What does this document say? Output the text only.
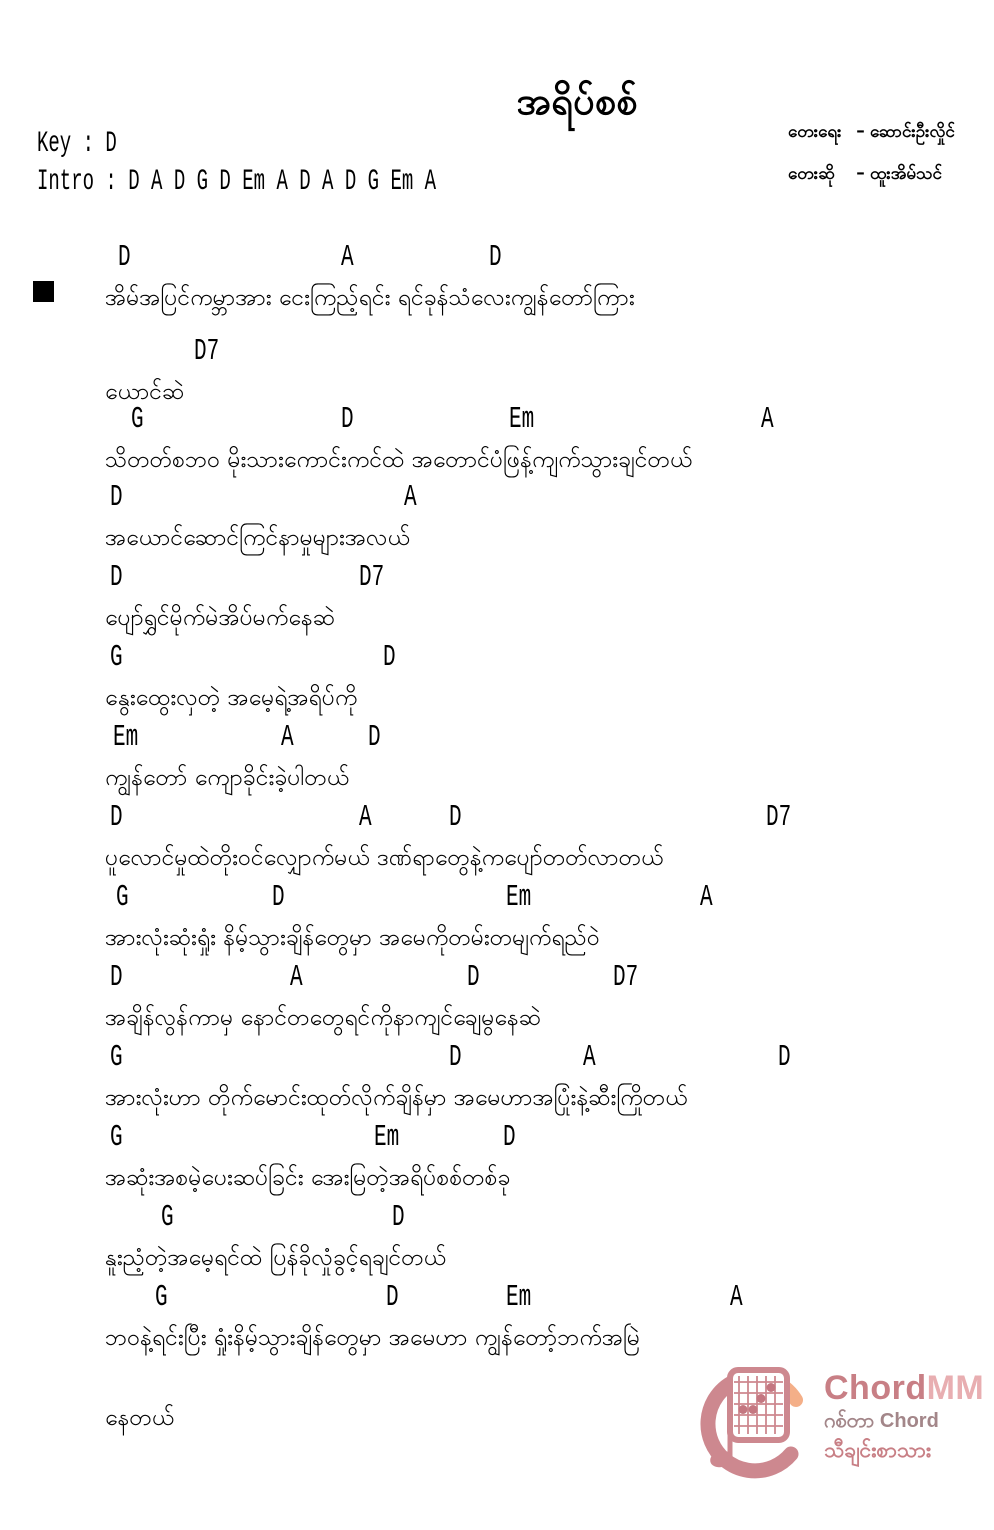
အရိပ်စစ်
Key : D
Intro : D A D G D Em A D A D G Em A
တေးရေး – ဆောင်းဦးလှိုင်
တေးဆို	– ထူးအိမ်သင်
D	A	D
အိမ်အပြင်ကမ္ဘာအား ငေးကြည့်ရင်း ရင်ခုန်သံလေးကျွန်တော်ကြား
D7
ယောင်ဆဲ
G	D	Em	A
သိတတ်စဘဝ မိုးသားကောင်းကင်ထဲ အတောင်ပံဖြန့်ကျက်သွားချင်တယ်
D	A
အယောင်ဆောင်ကြင်နာမှုများအလယ်
D	D7
ပျော်ရွှင်မိုက်မဲအိပ်မက်နေဆဲ
G	D
နွေးထွေးလှတဲ့ အမေ့ရဲ့အရိပ်ကို
Em	A	D
ကျွန်တော် ကျောခိုင်းခဲ့ပါတယ်
D	A	D	D7
ပူလောင်မှုထဲတိုးဝင်လျှောက်မယ် ဒဏ်ရာတွေနဲ့ကပျော်တတ်လာတယ်
G	D	Em	A
အားလုံးဆုံးရှုံး နိမ့်သွားချိန်တွေမှာ အမေကိုတမ်းတမျက်ရည်ဝဲ
D	A	D	D7
အချိန်လွန်ကာမှ နောင်တတွေရင်ကိုနာကျင်ချေမွနေဆဲ
G	D	A	D
အားလုံးဟာ တိုက်မောင်းထုတ်လိုက်ချိန်မှာ အမေဟာအပြုံးနဲ့ဆီးကြိုတယ်
G	Em	D
အဆုံးအစမဲ့ပေးဆပ်ခြင်း အေးမြတဲ့အရိပ်စစ်တစ်ခု
G	D
နူးညံ့တဲ့အမေ့ရင်ထဲ ပြန်ခိုလှုံခွင့်ရချင်တယ်
G	D	Em	A
ဘဝနဲ့ရင်းပြီး ရှုံးနိမ့်သွားချိန်တွေမှာ အမေဟာ ကျွန်တော့်ဘက်အမြဲ
နေတယ်
ChordMM
ဂစ်တာ Chord
သီချင်းစာသား
